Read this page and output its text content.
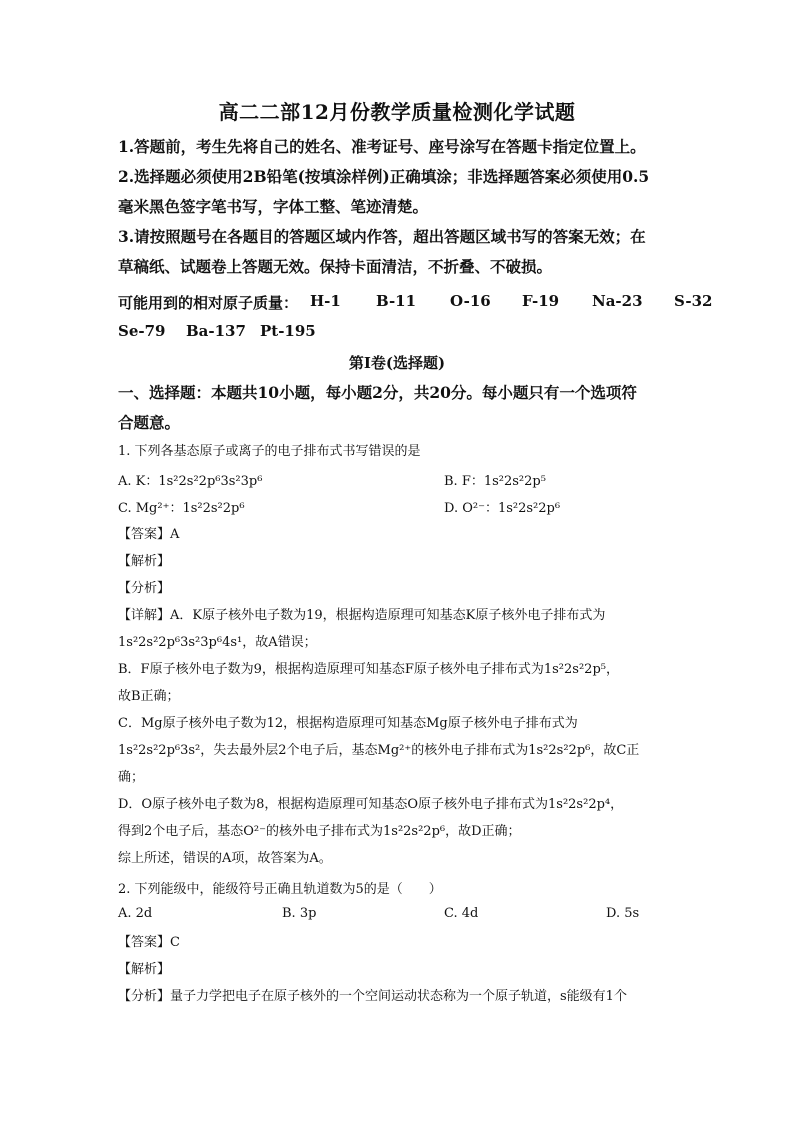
高二二部12月份教学质量检测化学试题
1.答题前，考生先将自己的姓名、准考证号、座号涂写在答题卡指定位置上。
2.选择题必须使用2B铅笔(按填涂样例)正确填涂；非选择题答案必须使用0.5
毫米黑色签字笔书写，字体工整、笔迹清楚。
3.请按照题号在各题目的答题区域内作答，超出答题区域书写的答案无效；在
草稿纸、试题卷上答题无效。保持卡面清洁，不折叠、不破损。
可能用到的相对原子质量： H-1 B-11 O-16 F-19 Na-23 S-32
Se-79 Ba-137 Pt-195
第I卷(选择题)
一、选择题：本题共10小题，每小题2分，共20分。每小题只有一个选项符
合题意。
1. 下列各基态原子或离子的电子排布式书写错误的是
A. K：1s²2s²2p⁶3s²3p⁶	B. F：1s²2s²2p⁵
C. Mg²⁺：1s²2s²2p⁶	D. O²⁻：1s²2s²2p⁶
【答案】A
【解析】
【分析】
【详解】A．K原子核外电子数为19，根据构造原理可知基态K原子核外电子排布式为
1s²2s²2p⁶3s²3p⁶4s¹，故A错误；
B．F原子核外电子数为9，根据构造原理可知基态F原子核外电子排布式为1s²2s²2p⁵，
故B正确；
C．Mg原子核外电子数为12，根据构造原理可知基态Mg原子核外电子排布式为
1s²2s²2p⁶3s²，失去最外层2个电子后，基态Mg²⁺的核外电子排布式为1s²2s²2p⁶，故C正
确；
D．O原子核外电子数为8，根据构造原理可知基态O原子核外电子排布式为1s²2s²2p⁴，
得到2个电子后，基态O²⁻的核外电子排布式为1s²2s²2p⁶，故D正确；
综上所述，错误的A项，故答案为A。
2. 下列能级中，能级符号正确且轨道数为5的是（　　）
A. 2d	B. 3p	C. 4d	D. 5s
【答案】C
【解析】
【分析】量子力学把电子在原子核外的一个空间运动状态称为一个原子轨道，s能级有1个
